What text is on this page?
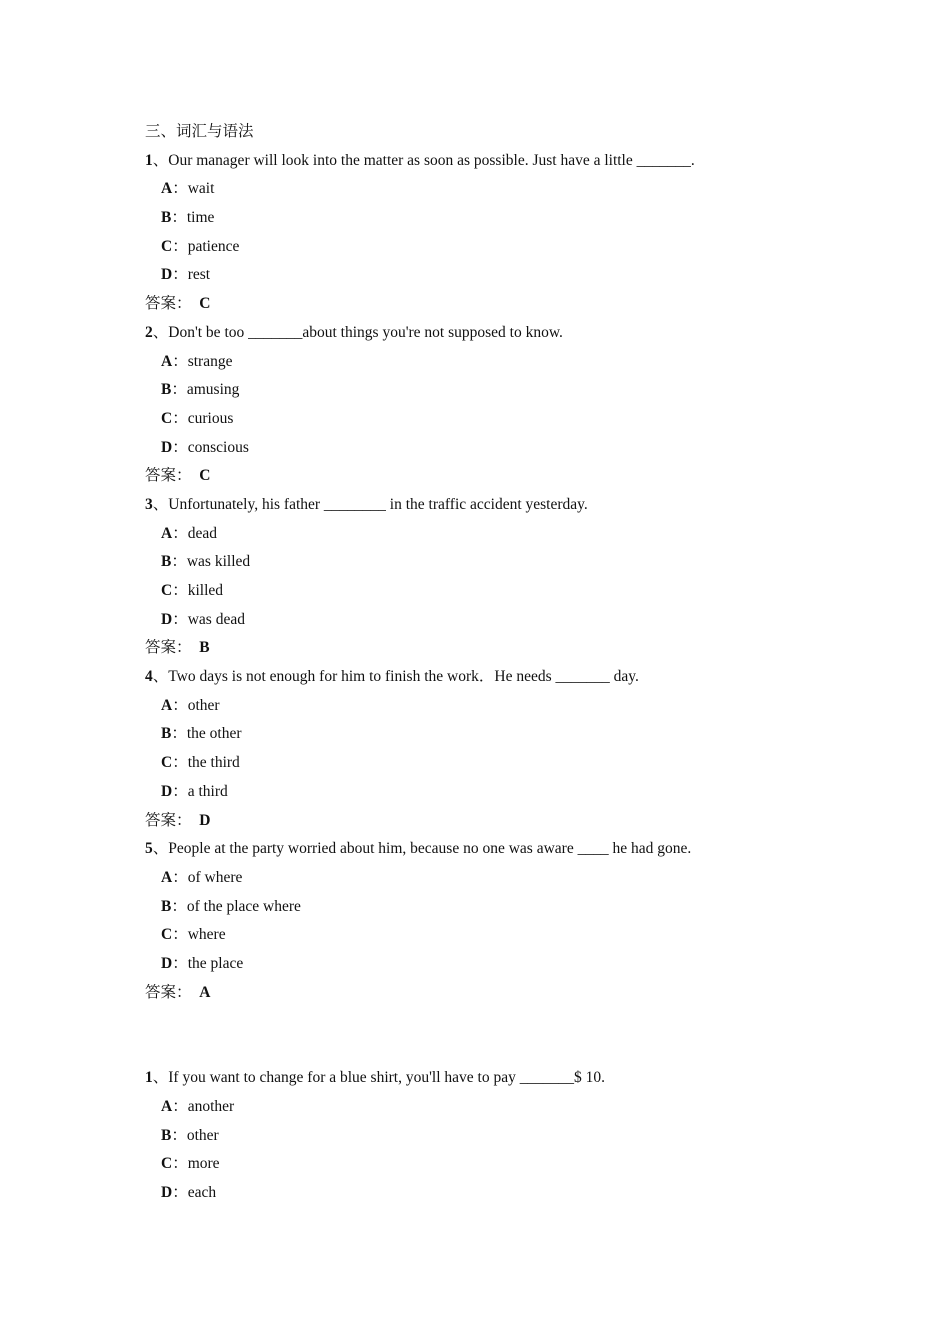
三、词汇与语法
1、Our manager will look into the matter as soon as possible. Just have a little _______.
A：wait
B：time
C：patience
D：rest
答案： C
2、Don't be too _______about things you're not supposed to know.
A：strange
B：amusing
C：curious
D：conscious
答案： C
3、Unfortunately, his father ________ in the traffic accident yesterday.
A：dead
B：was killed
C：killed
D：was dead
答案： B
4、Two days is not enough for him to finish the work．He needs _______ day.
A：other
B：the other
C：the third
D：a third
答案： D
5、People at the party worried about him, because no one was aware ____ he had gone.
A：of where
B：of the place where
C：where
D：the place
答案： A
1、If you want to change for a blue shirt, you'll have to pay _______$ 10.
A：another
B：other
C：more
D：each
